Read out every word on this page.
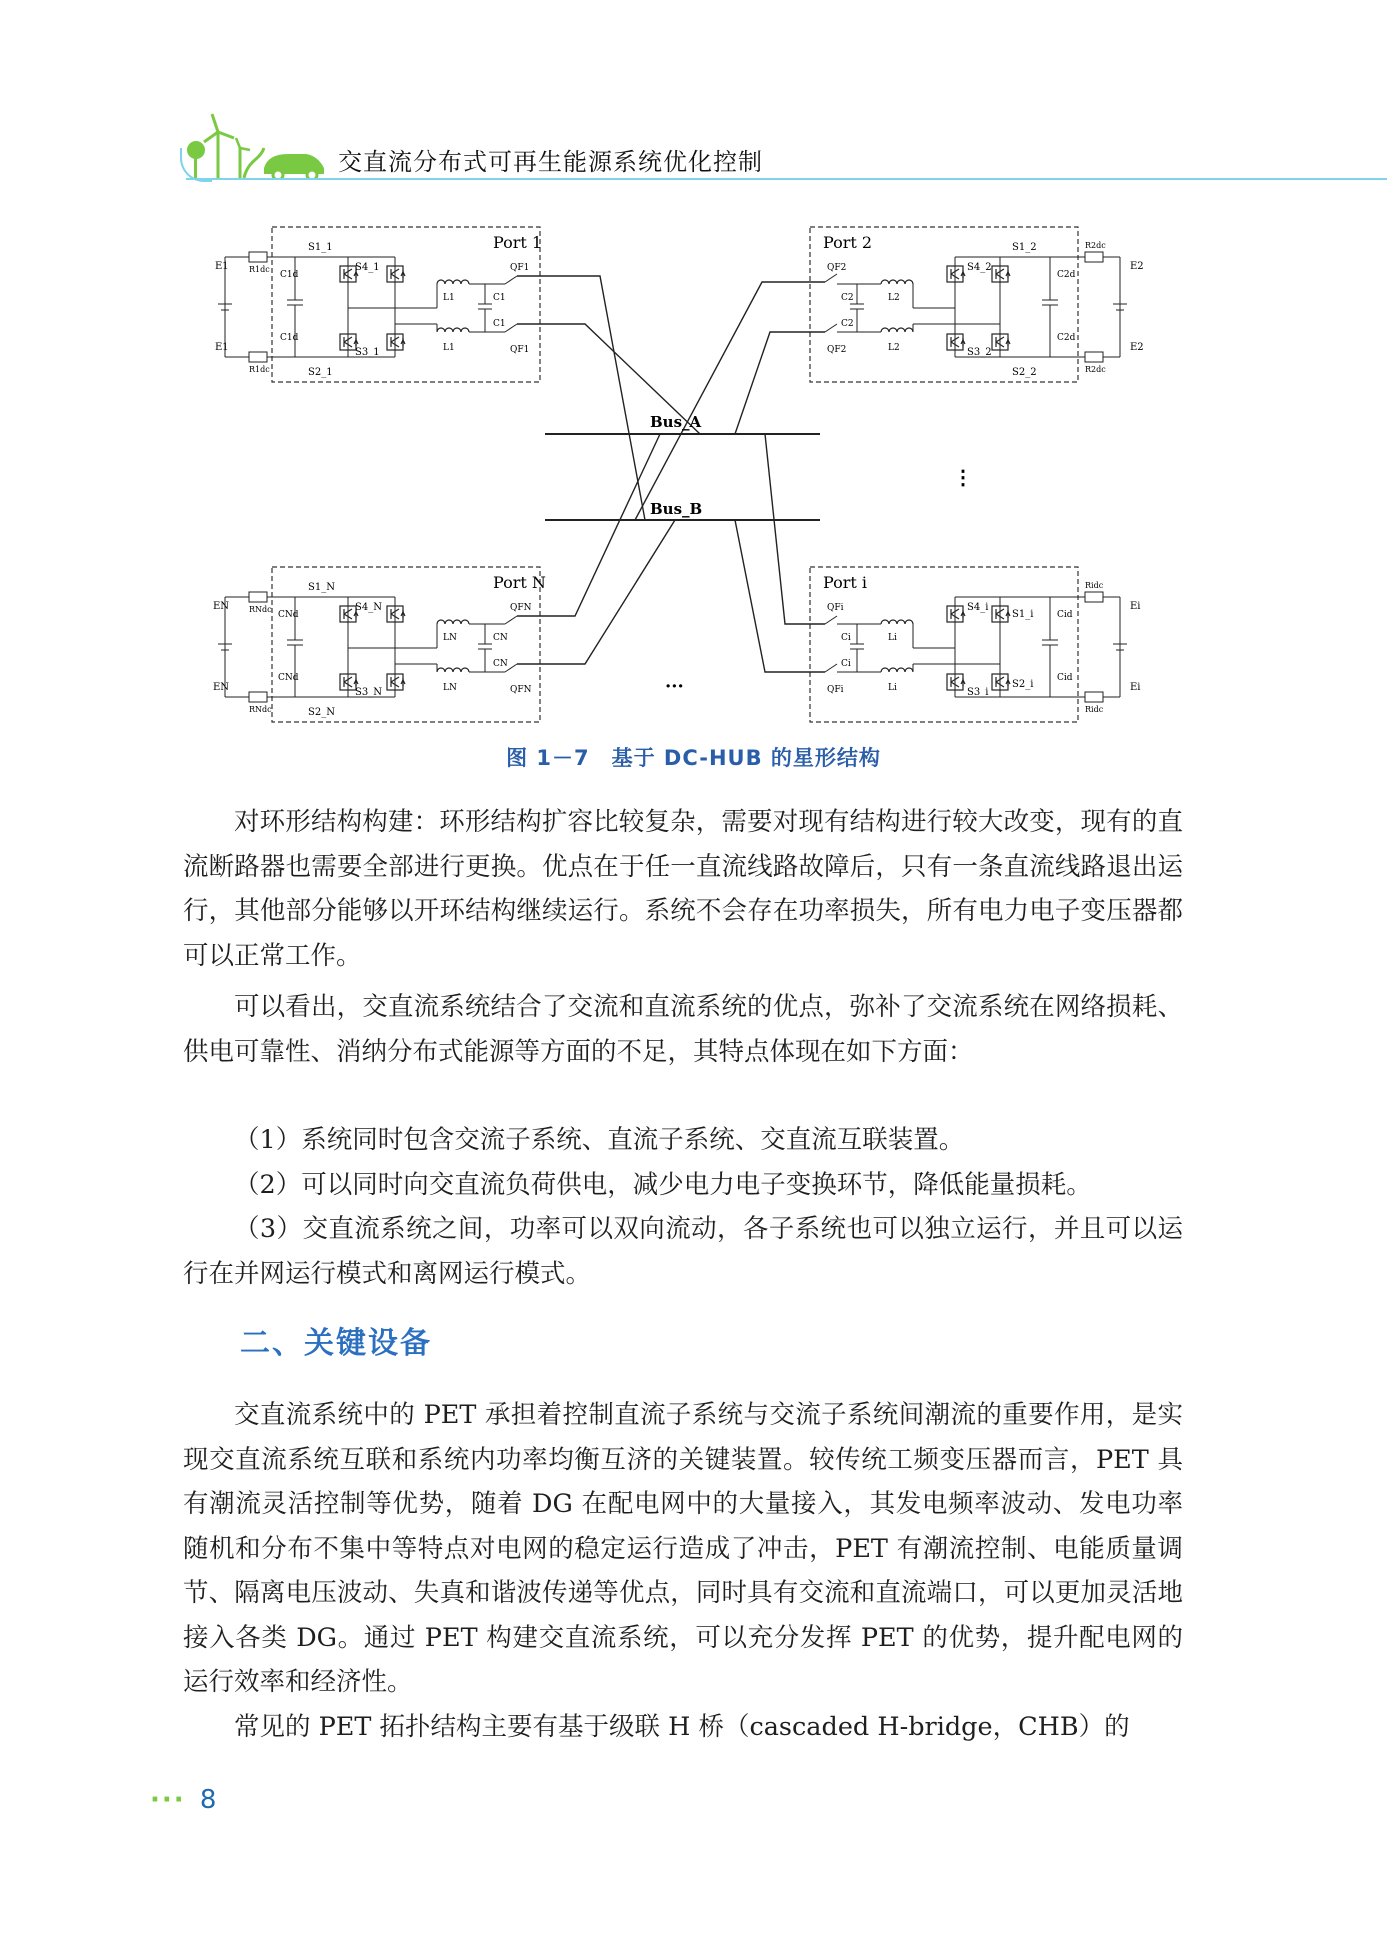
交直流分布式可再生能源系统优化控制
Port 1
E1
E1
R1dc
R1dc
C1d
C1d
S1_1
S4_1
S2_1
S3_1
L1
L1
C1
C1
QF1
QF1
Port 2
QF2
QF2
C2
C2
L2
L2
S4_2
S1_2
S3_2
S2_2
C2d
C2d
R2dc
R2dc
E2
E2
Port N
EN
EN
RNdc
RNdc
CNd
CNd
S1_N
S4_N
S2_N
S3_N
LN
LN
CN
CN
QFN
QFN
Port i
QFi
QFi
Ci
Ci
Li
Li
S4_i
S1_i
S3_i
S2_i
Cid
Cid
Ridc
Ridc
Ei
Ei
Bus_A
Bus_B
⋮
···
图 1－7　基于 DC-HUB 的星形结构

对环形结构构建：环形结构扩容比较复杂，需要对现有结构进行较大改变，现有的直流断路器也需要全部进行更换。优点在于任一直流线路故障后，只有一条直流线路退出运行，其他部分能够以开环结构继续运行。系统不会存在功率损失，所有电力电子变压器都可以正常工作。

可以看出，交直流系统结合了交流和直流系统的优点，弥补了交流系统在网络损耗、供电可靠性、消纳分布式能源等方面的不足，其特点体现在如下方面：

（1）系统同时包含交流子系统、直流子系统、交直流互联装置。

（2）可以同时向交直流负荷供电，减少电力电子变换环节，降低能量损耗。

（3）交直流系统之间，功率可以双向流动，各子系统也可以独立运行，并且可以运行在并网运行模式和离网运行模式。

二、关键设备

交直流系统中的 PET 承担着控制直流子系统与交流子系统间潮流的重要作用，是实现交直流系统互联和系统内功率均衡互济的关键装置。较传统工频变压器而言，PET 具有潮流灵活控制等优势，随着 DG 在配电网中的大量接入，其发电频率波动、发电功率随机和分布不集中等特点对电网的稳定运行造成了冲击，PET 有潮流控制、电能质量调节、隔离电压波动、失真和谐波传递等优点，同时具有交流和直流端口，可以更加灵活地接入各类 DG。通过 PET 构建交直流系统，可以充分发挥 PET 的优势，提升配电网的运行效率和经济性。

常见的 PET 拓扑结构主要有基于级联 H 桥（cascaded H-bridge，CHB）的

··· 8
